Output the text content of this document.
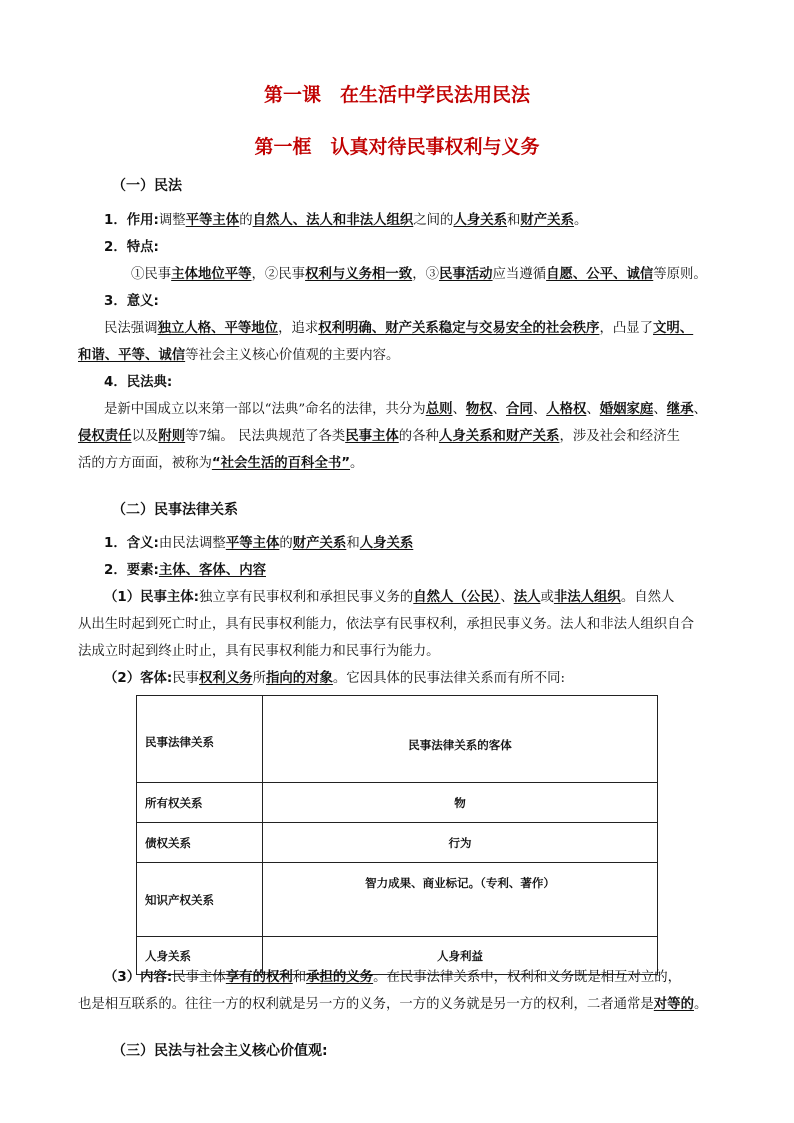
第一课　在生活中学民法用民法
第一框　认真对待民事权利与义务
（一）民法
1．作用:调整平等主体的自然人、法人和非法人组织之间的人身关系和财产关系。
2．特点:
①民事主体地位平等，②民事权利与义务相一致，③民事活动应当遵循自愿、公平、诚信等原则。
3．意义:
民法强调独立人格、平等地位，追求权利明确、财产关系稳定与交易安全的社会秩序，凸显了文明、
和谐、平等、诚信等社会主义核心价值观的主要内容。
4．民法典:
是新中国成立以来第一部以“法典”命名的法律，共分为总则、物权、合同、人格权、婚姻家庭、继承、
侵权责任以及附则等7编。 民法典规范了各类民事主体的各种人身关系和财产关系，涉及社会和经济生
活的方方面面，被称为“社会生活的百科全书”。
（二）民事法律关系
1．含义:由民法调整平等主体的财产关系和人身关系
2．要素:主体、客体、内容
（1）民事主体:独立享有民事权利和承担民事义务的自然人（公民）、法人或非法人组织。自然人
从出生时起到死亡时止，具有民事权利能力，依法享有民事权利，承担民事义务。法人和非法人组织自合
法成立时起到终止时止，具有民事权利能力和民事行为能力。
（2）客体:民事权利义务所指向的对象。它因具体的民事法律关系而有所不同:
民事法律关系	民事法律关系的客体
所有权关系	物
债权关系	行为
知识产权关系	智力成果、商业标记。（专利、著作）
人身关系	人身利益
（3）内容:民事主体享有的权利和承担的义务。在民事法律关系中，权利和义务既是相互对立的，
也是相互联系的。往往一方的权利就是另一方的义务，一方的义务就是另一方的权利，二者通常是对等的。
（三）民法与社会主义核心价值观:
